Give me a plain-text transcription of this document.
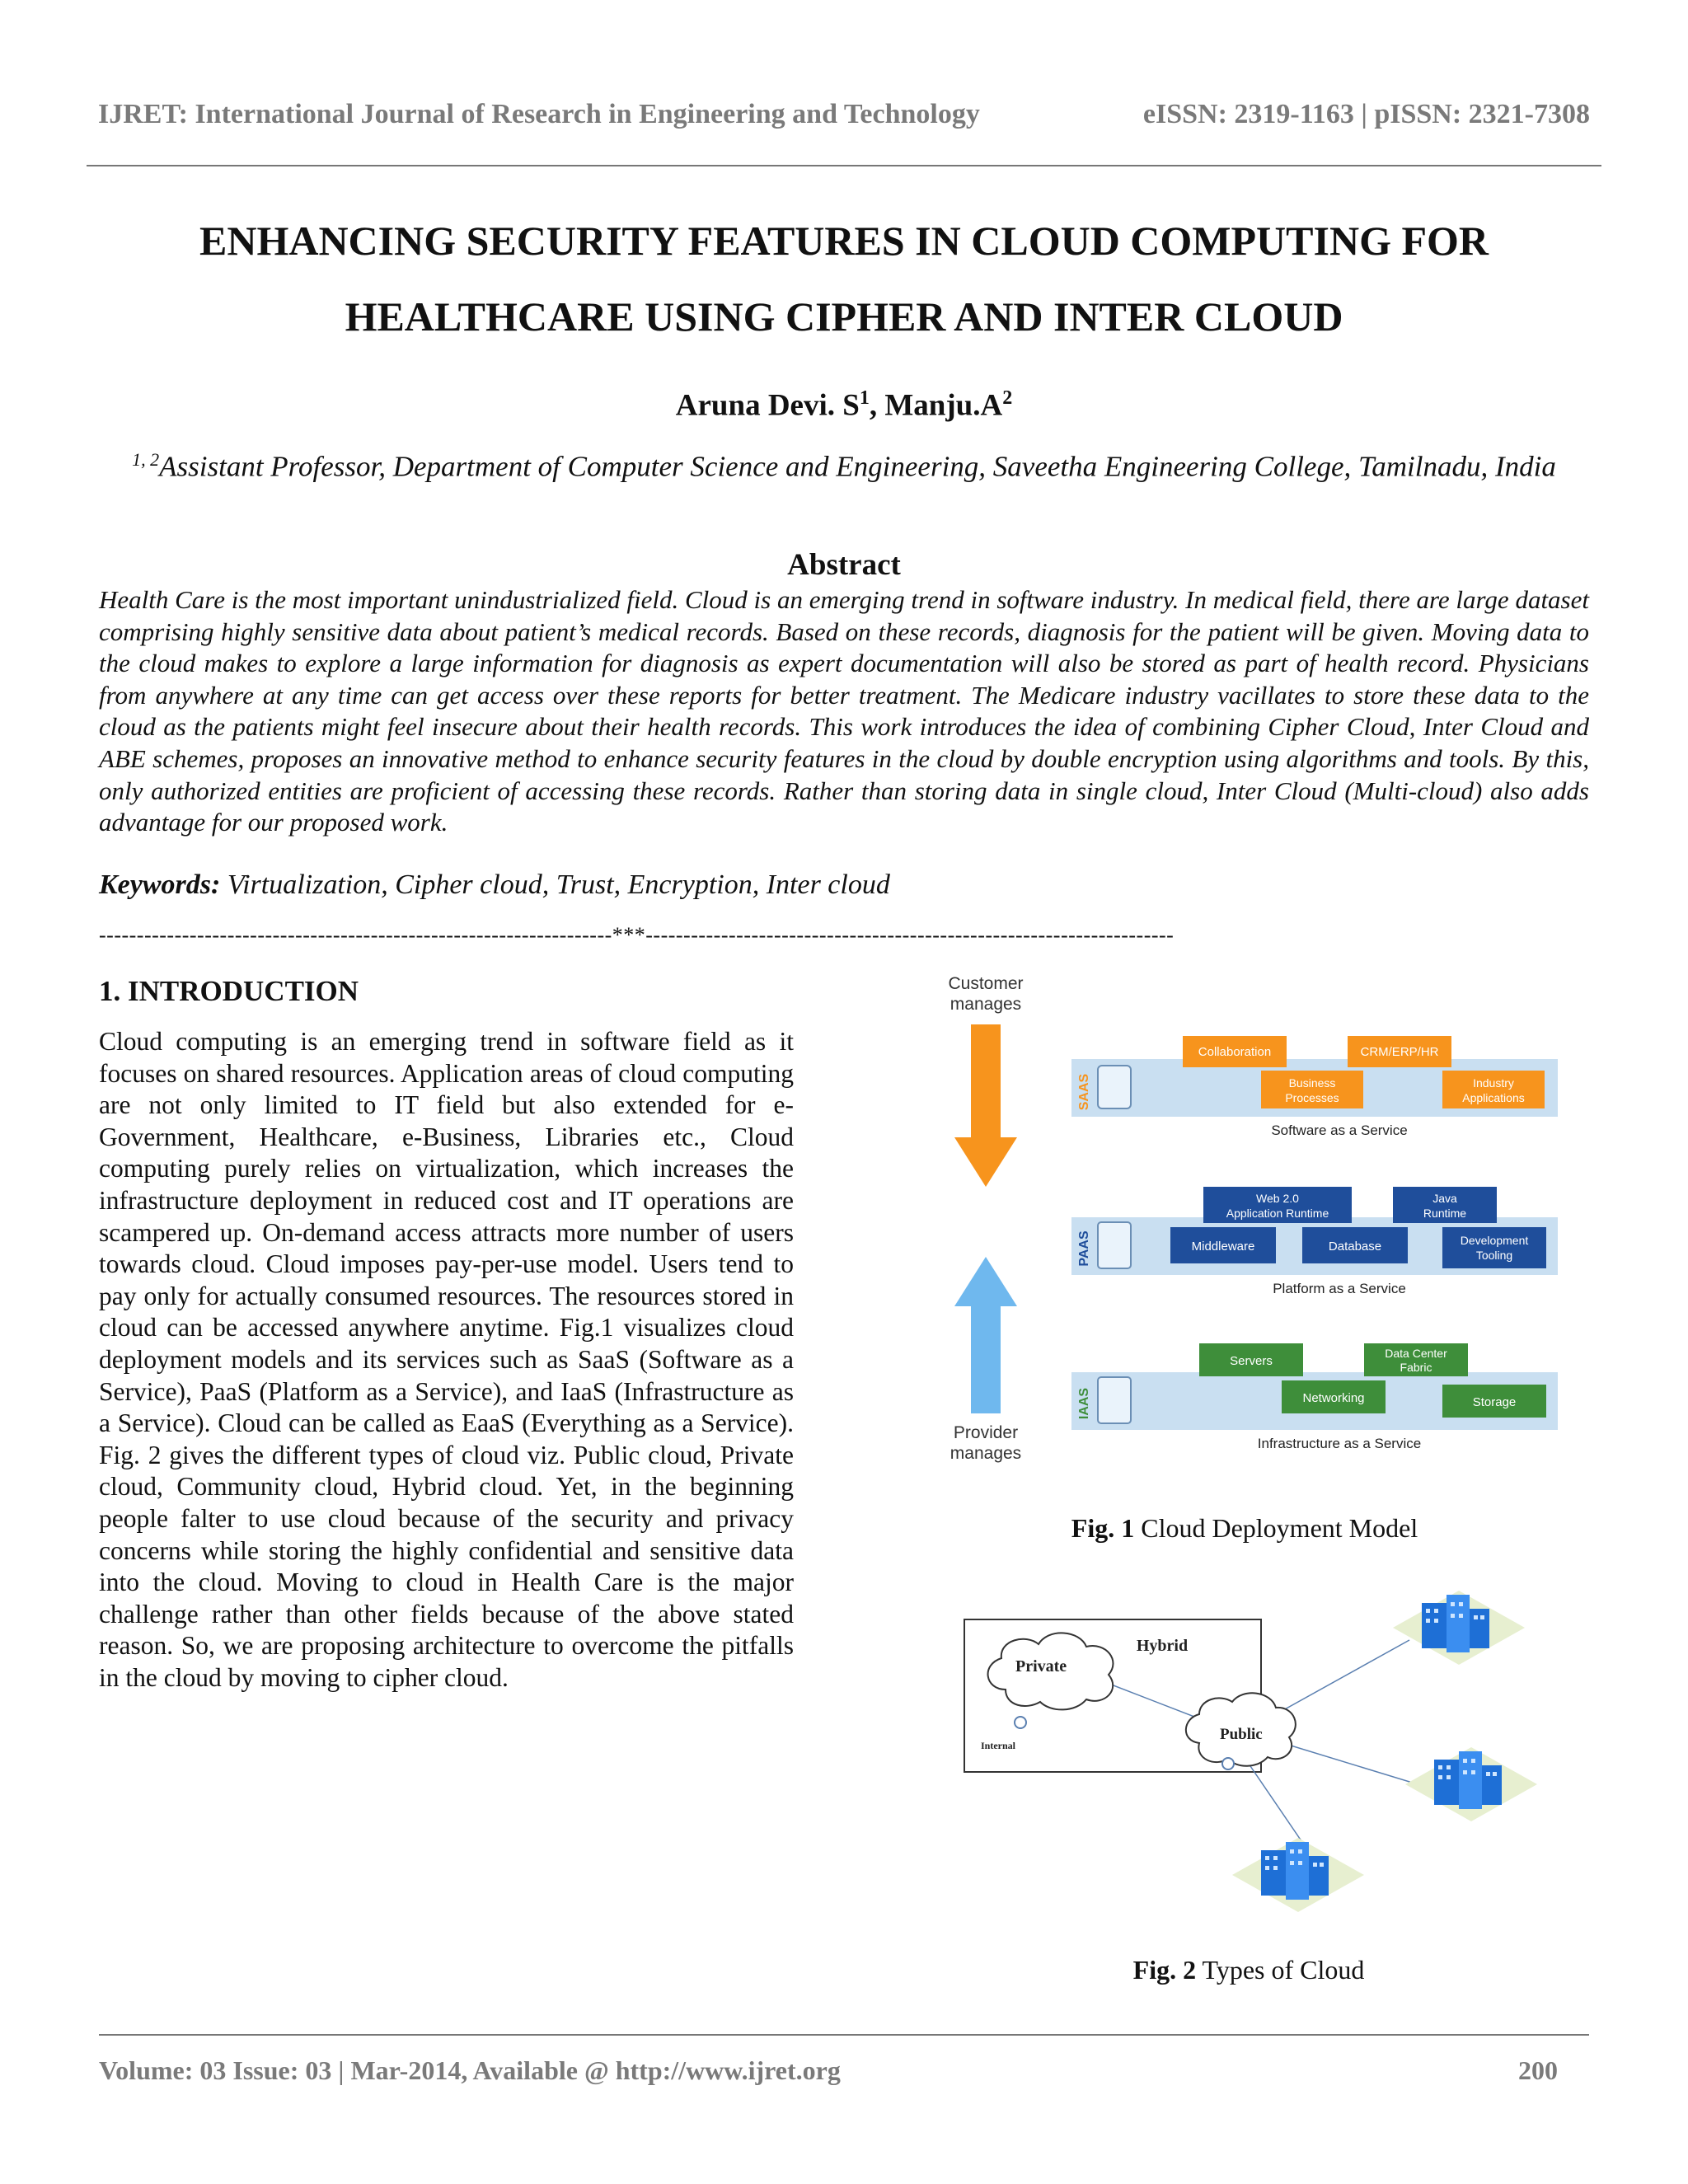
IJRET: International Journal of Research in Engineering and Technology	eISSN: 2319-1163 | pISSN: 2321-7308
ENHANCING SECURITY FEATURES IN CLOUD COMPUTING FOR
HEALTHCARE USING CIPHER AND INTER CLOUD
Aruna Devi. $S^1$, $Manju.A^2$
$^{1, 2}$Assistant Professor, Department of Computer Science and Engineering, Saveetha Engineering College, Tamilnadu, India
Abstract
Health Care is the most important unindustrialized field. Cloud is an emerging trend in software industry. In medical field, there are large dataset comprising highly sensitive data about patient’s medical records. Based on these records, diagnosis for the patient will be given. Moving data to the cloud makes to explore a large information for diagnosis as expert documentation will also be stored as part of health record. Physicians from anywhere at any time can get access over these reports for better treatment. The Medicare industry vacillates to store these data to the cloud as the patients might feel insecure about their health records. This work introduces the idea of combining Cipher Cloud, Inter Cloud and ABE schemes, proposes an innovative method to enhance security features in the cloud by double encryption using algorithms and tools. By this, only authorized entities are proficient of accessing these records. Rather than storing data in single cloud, Inter Cloud (Multi-cloud) also adds advantage for our proposed work.
Keywords: Virtualization, Cipher cloud, Trust, Encryption, Inter cloud
--------------------------------------------------------------------***----------------------------------------------------------------------
1. INTRODUCTION
Cloud computing is an emerging trend in software field as it focuses on shared resources. Application areas of cloud computing are not only limited to IT field but also extended for e-Government, Healthcare, e-Business, Libraries etc., Cloud computing purely relies on virtualization, which increases the infrastructure deployment in reduced cost and IT operations are scampered up. On-demand access attracts more number of users towards cloud. Cloud imposes pay-per-use model. Users tend to pay only for actually consumed resources. The resources stored in cloud can be accessed anywhere anytime. Fig.1 visualizes cloud deployment models and its services such as SaaS (Software as a Service), PaaS (Platform as a Service), and IaaS (Infrastructure as a Service). Cloud can be called as EaaS (Everything as a Service). Fig. 2 gives the different types of cloud viz. Public cloud, Private cloud, Community cloud, Hybrid cloud. Yet, in the beginning people falter to use cloud because of the security and privacy concerns while storing the highly confidential and sensitive data into the cloud. Moving to cloud in Health Care is the major challenge rather than other fields because of the above stated reason. So, we are proposing architecture to overcome the pitfalls in the cloud by moving to cipher cloud.
Customer
manages
Provider
manages
SAAS
Collaboration	CRM/ERP/HR
Business
Processes
Industry
Applications
Software as a Service
PAAS
Web 2.0
Application Runtime
Java
Runtime
Middleware	Database	Development
Tooling
Platform as a Service
IAAS
Servers
Data Center
Fabric
Networking	Storage
Infrastructure as a Service
Fig. 1 Cloud Deployment Model
Hybrid
Private
Internal
Public
Fig. 2 Types of Cloud
Volume: 03 Issue: 03 | Mar-2014, Available @ http://www.ijret.org	200
